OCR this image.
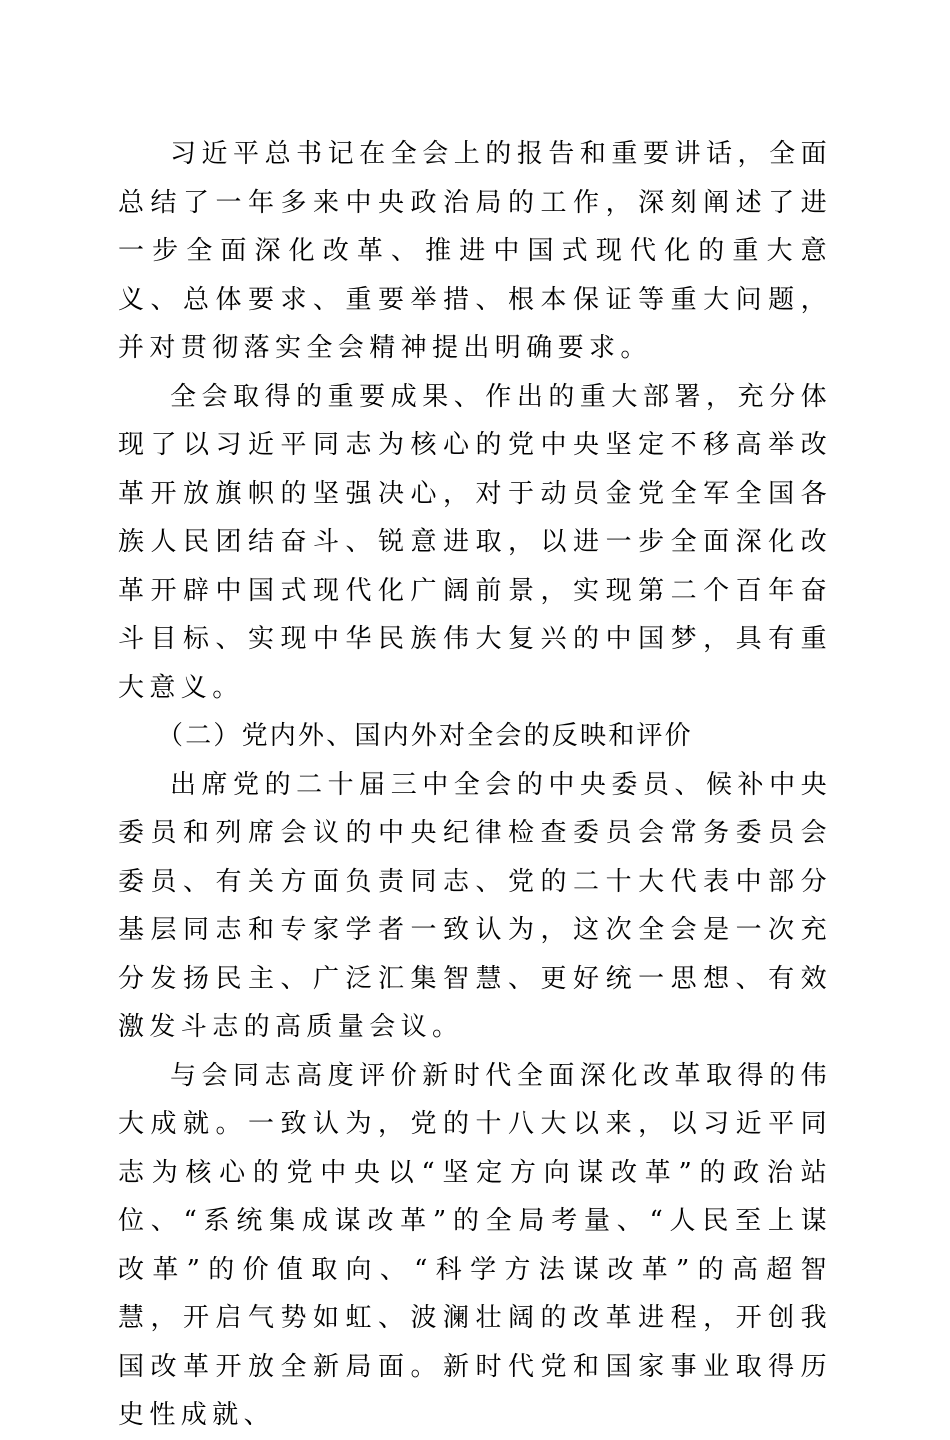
习近平总书记在全会上的报告和重要讲话，全面总结了一年多来中央政治局的工作，深刻阐述了进一步全面深化改革、推进中国式现代化的重大意义、总体要求、重要举措、根本保证等重大问题，并对贯彻落实全会精神提出明确要求。

全会取得的重要成果、作出的重大部署，充分体现了以习近平同志为核心的党中央坚定不移高举改革开放旗帜的坚强决心，对于动员金党全军全国各族人民团结奋斗、锐意进取，以进一步全面深化改革开辟中国式现代化广阔前景，实现第二个百年奋斗目标、实现中华民族伟大复兴的中国梦，具有重大意义。

（二）党内外、国内外对全会的反映和评价

出席党的二十届三中全会的中央委员、候补中央委员和列席会议的中央纪律检查委员会常务委员会委员、有关方面负责同志、党的二十大代表中部分基层同志和专家学者一致认为，这次全会是一次充分发扬民主、广泛汇集智慧、更好统一思想、有效激发斗志的高质量会议。

与会同志高度评价新时代全面深化改革取得的伟大成就。一致认为，党的十八大以来，以习近平同志为核心的党中央以“坚定方向谋改革”的政治站位、“系统集成谋改革”的全局考量、“人民至上谋改革”的价值取向、“科学方法谋改革”的高超智慧，开启气势如虹、波澜壮阔的改革进程，开创我国改革开放全新局面。新时代党和国家事业取得历史性成就、
